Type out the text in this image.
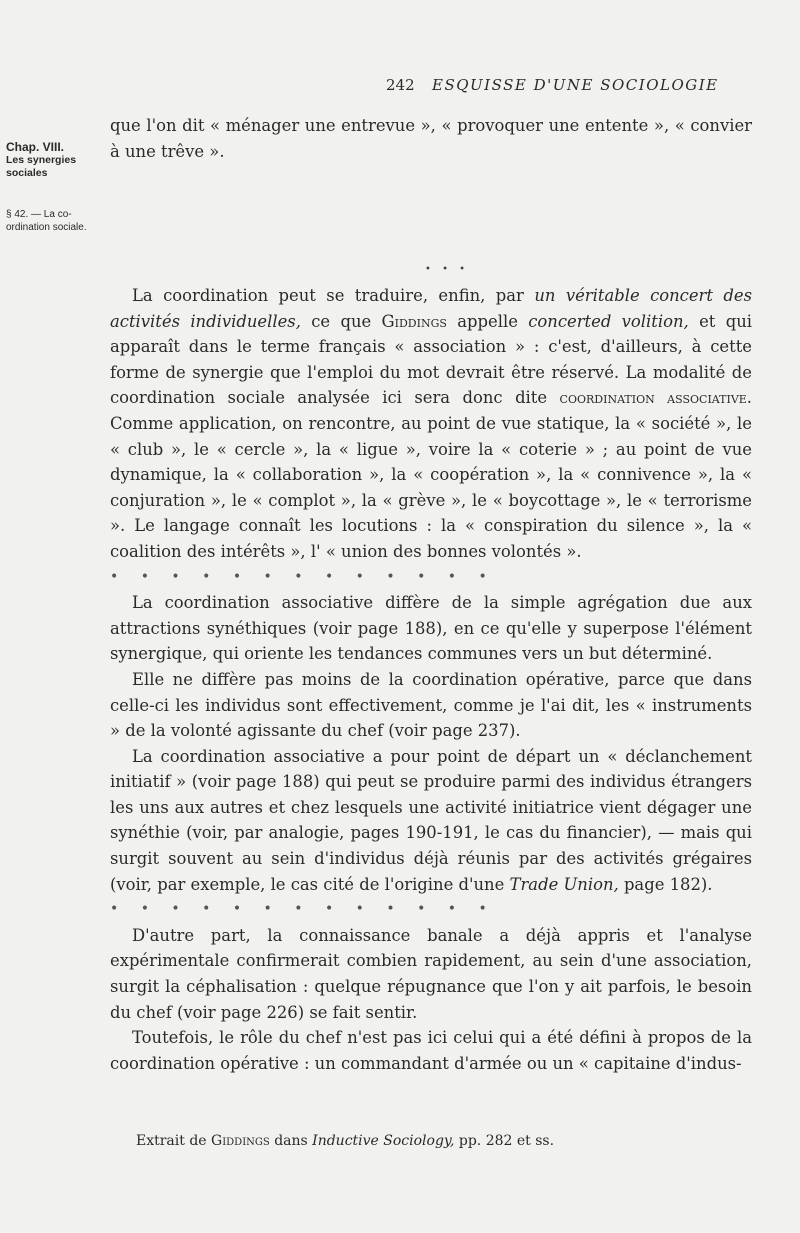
242 ESQUISSE D'UNE SOCIOLOGIE
Chap. VIII.
Les synergies sociales
§ 42. — La co-ordination sociale.

que l'on dit « ménager une entrevue », « provoquer une entente », « convier à une trêve ».

• • •

La coordination peut se traduire, enfin, par un véritable concert des activités individuelles, ce que Giddings appelle concerted volition, et qui apparaît dans le terme français « association » : c'est, d'ailleurs, à cette forme de synergie que l'emploi du mot devrait être réservé. La modalité de coordination sociale analysée ici sera donc dite coordination associative. Comme application, on rencontre, au point de vue statique, la « société », le « club », le « cercle », la « ligue », voire la « coterie » ; au point de vue dynamique, la « collaboration », la « coopération », la « connivence », la « conjuration », le « complot », la « grève », le « boycottage », le « terrorisme ». Le langage connaît les locutions : la « conspiration du silence », la « coalition des intérêts », l' « union des bonnes volontés ».

• • • • • • • • • • • • •

La coordination associative diffère de la simple agrégation due aux attractions synéthiques (voir page 188), en ce qu'elle y superpose l'élément synergique, qui oriente les tendances communes vers un but déterminé.

Elle ne diffère pas moins de la coordination opérative, parce que dans celle-ci les individus sont effectivement, comme je l'ai dit, les « instruments » de la volonté agissante du chef (voir page 237).

La coordination associative a pour point de départ un « déclanchement initiatif » (voir page 188) qui peut se produire parmi des individus étrangers les uns aux autres et chez lesquels une activité initiatrice vient dégager une synéthie (voir, par analogie, pages 190-191, le cas du financier), — mais qui surgit souvent au sein d'individus déjà réunis par des activités grégaires (voir, par exemple, le cas cité de l'origine d'une Trade Union, page 182).

• • • • • • • • • • • • •

D'autre part, la connaissance banale a déjà appris et l'analyse expérimentale confirmerait combien rapidement, au sein d'une association, surgit la céphalisation : quelque répugnance que l'on y ait parfois, le besoin du chef (voir page 226) se fait sentir.

Toutefois, le rôle du chef n'est pas ici celui qui a été défini à propos de la coordination opérative : un commandant d'armée ou un « capitaine d'indus-

Extrait de Giddings dans Inductive Sociology, pp. 282 et ss.
